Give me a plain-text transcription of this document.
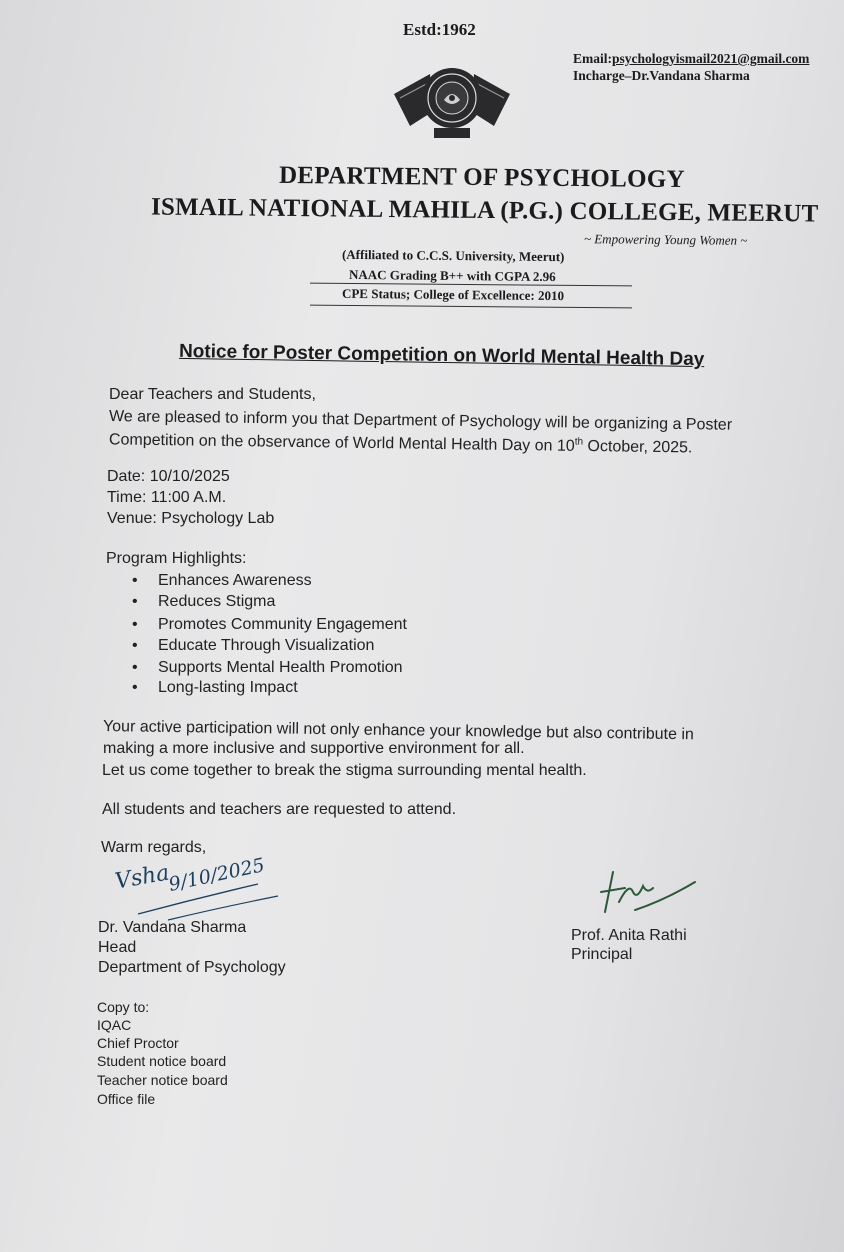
Estd:1962
Email:psychologyismail2021@gmail.com
Incharge–Dr.Vandana Sharma
DEPARTMENT OF PSYCHOLOGY
ISMAIL NATIONAL MAHILA (P.G.) COLLEGE, MEERUT
~ Empowering Young Women ~
(Affiliated to C.C.S. University, Meerut)
NAAC Grading B++ with CGPA 2.96
CPE Status; College of Excellence: 2010
Notice for Poster Competition on World Mental Health Day
Dear Teachers and Students,
We are pleased to inform you that Department of Psychology will be organizing a Poster
Competition on the observance of World Mental Health Day on 10th October, 2025.
Date: 10/10/2025
Time: 11:00 A.M.
Venue: Psychology Lab
Program Highlights:
• Enhances Awareness
• Reduces Stigma
• Promotes Community Engagement
• Educate Through Visualization
• Supports Mental Health Promotion
• Long-lasting Impact
Your active participation will not only enhance your knowledge but also contribute in
making a more inclusive and supportive environment for all.
Let us come together to break the stigma surrounding mental health.
All students and teachers are requested to attend.
Warm regards,
Vsha
9/10/2025
Dr. Vandana Sharma
Head
Department of Psychology
Prof. Anita Rathi
Principal
Copy to:
IQAC
Chief Proctor
Student notice board
Teacher notice board
Office file
